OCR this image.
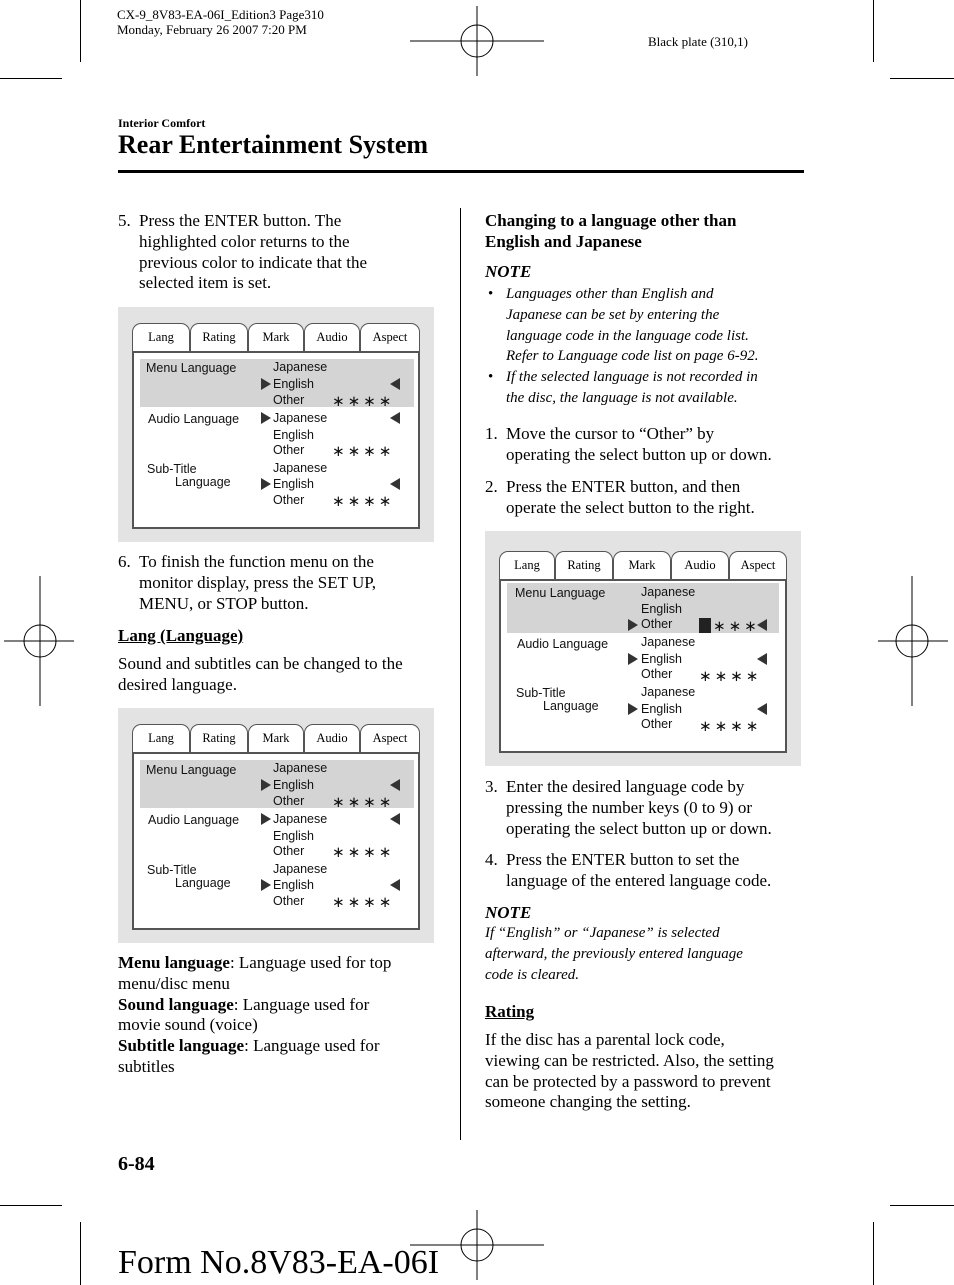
CX-9_8V83-EA-06I_Edition3 Page310
Monday, February 26 2007 7:20 PM
Black plate (310,1)
Interior Comfort
Rear Entertainment System
5. Press the ENTER button. The
highlighted color returns to the
previous color to indicate that the
selected item is set.
Lang	Rating	Mark	Audio	Aspect
Menu Language	Japanese
English
Other ∗∗∗∗
Audio Language	Japanese
English
Other ∗∗∗∗
Sub-Title
Language
Japanese
English
Other ∗∗∗∗
6. To finish the function menu on the
monitor display, press the SET UP,
MENU, or STOP button.
Lang (Language)
Sound and subtitles can be changed to the
desired language.
Lang	Rating	Mark	Audio	Aspect
Menu Language	Japanese
English
Other ∗∗∗∗
Audio Language	Japanese
English
Other ∗∗∗∗
Sub-Title
Language
Japanese
English
Other ∗∗∗∗
Menu language: Language used for top
menu/disc menu
Sound language: Language used for
movie sound (voice)
Subtitle language: Language used for
subtitles
Changing to a language other than
English and Japanese
NOTE
• Languages other than English and
Japanese can be set by entering the
language code in the language code list.
Refer to Language code list on page 6-92.
• If the selected language is not recorded in
the disc, the language is not available.
1. Move the cursor to “Other” by
operating the select button up or down.
2. Press the ENTER button, and then
operate the select button to the right.
Lang	Rating	Mark	Audio	Aspect
Menu Language	Japanese
English
Other	∗∗∗
Audio Language	Japanese
English
Other ∗∗∗∗
Sub-Title
Language
Japanese
English
Other ∗∗∗∗
3. Enter the desired language code by
pressing the number keys (0 to 9) or
operating the select button up or down.
4. Press the ENTER button to set the
language of the entered language code.
NOTE
If “English” or “Japanese” is selected
afterward, the previously entered language
code is cleared.
Rating
If the disc has a parental lock code,
viewing can be restricted. Also, the setting
can be protected by a password to prevent
someone changing the setting.
6-84
Form No.8V83-EA-06I
